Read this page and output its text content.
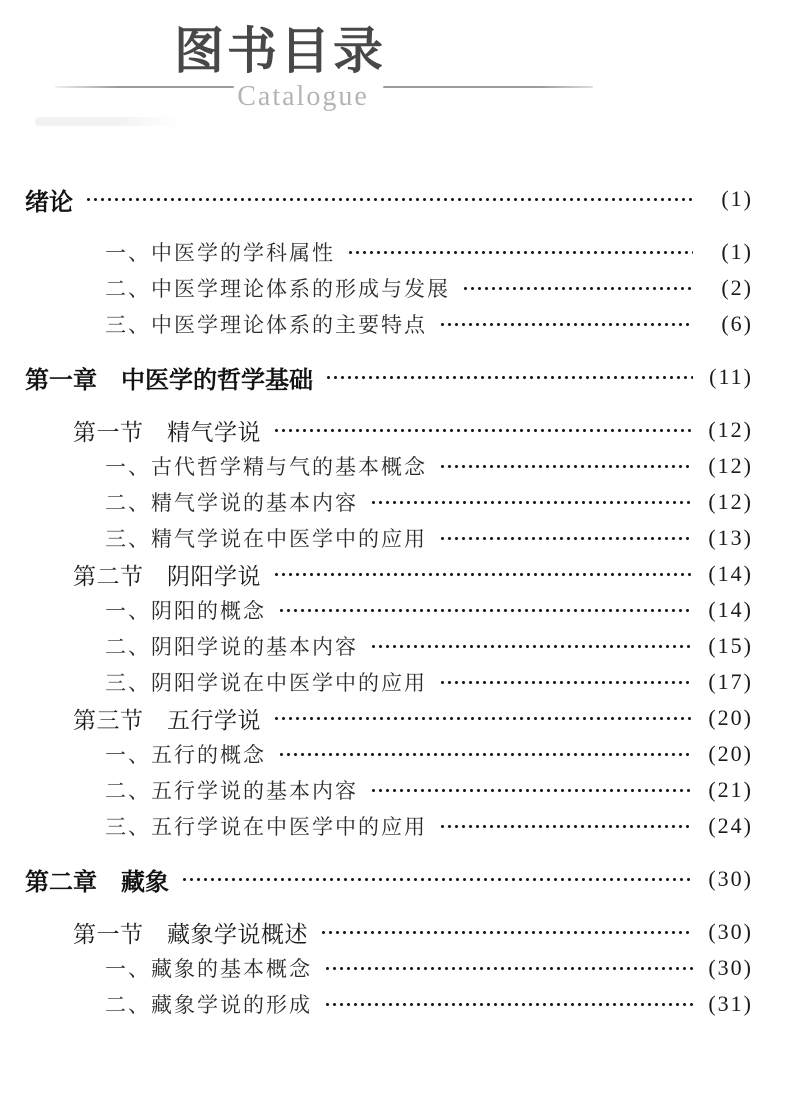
图书目录
Catalogue
绪论	(1)
一、中医学的学科属性	(1)
二、中医学理论体系的形成与发展	(2)
三、中医学理论体系的主要特点	(6)
第一章　中医学的哲学基础	(11)
第一节　精气学说	(12)
一、古代哲学精与气的基本概念	(12)
二、精气学说的基本内容	(12)
三、精气学说在中医学中的应用	(13)
第二节　阴阳学说	(14)
一、阴阳的概念	(14)
二、阴阳学说的基本内容	(15)
三、阴阳学说在中医学中的应用	(17)
第三节　五行学说	(20)
一、五行的概念	(20)
二、五行学说的基本内容	(21)
三、五行学说在中医学中的应用	(24)
第二章　藏象	(30)
第一节　藏象学说概述	(30)
一、藏象的基本概念	(30)
二、藏象学说的形成	(31)
